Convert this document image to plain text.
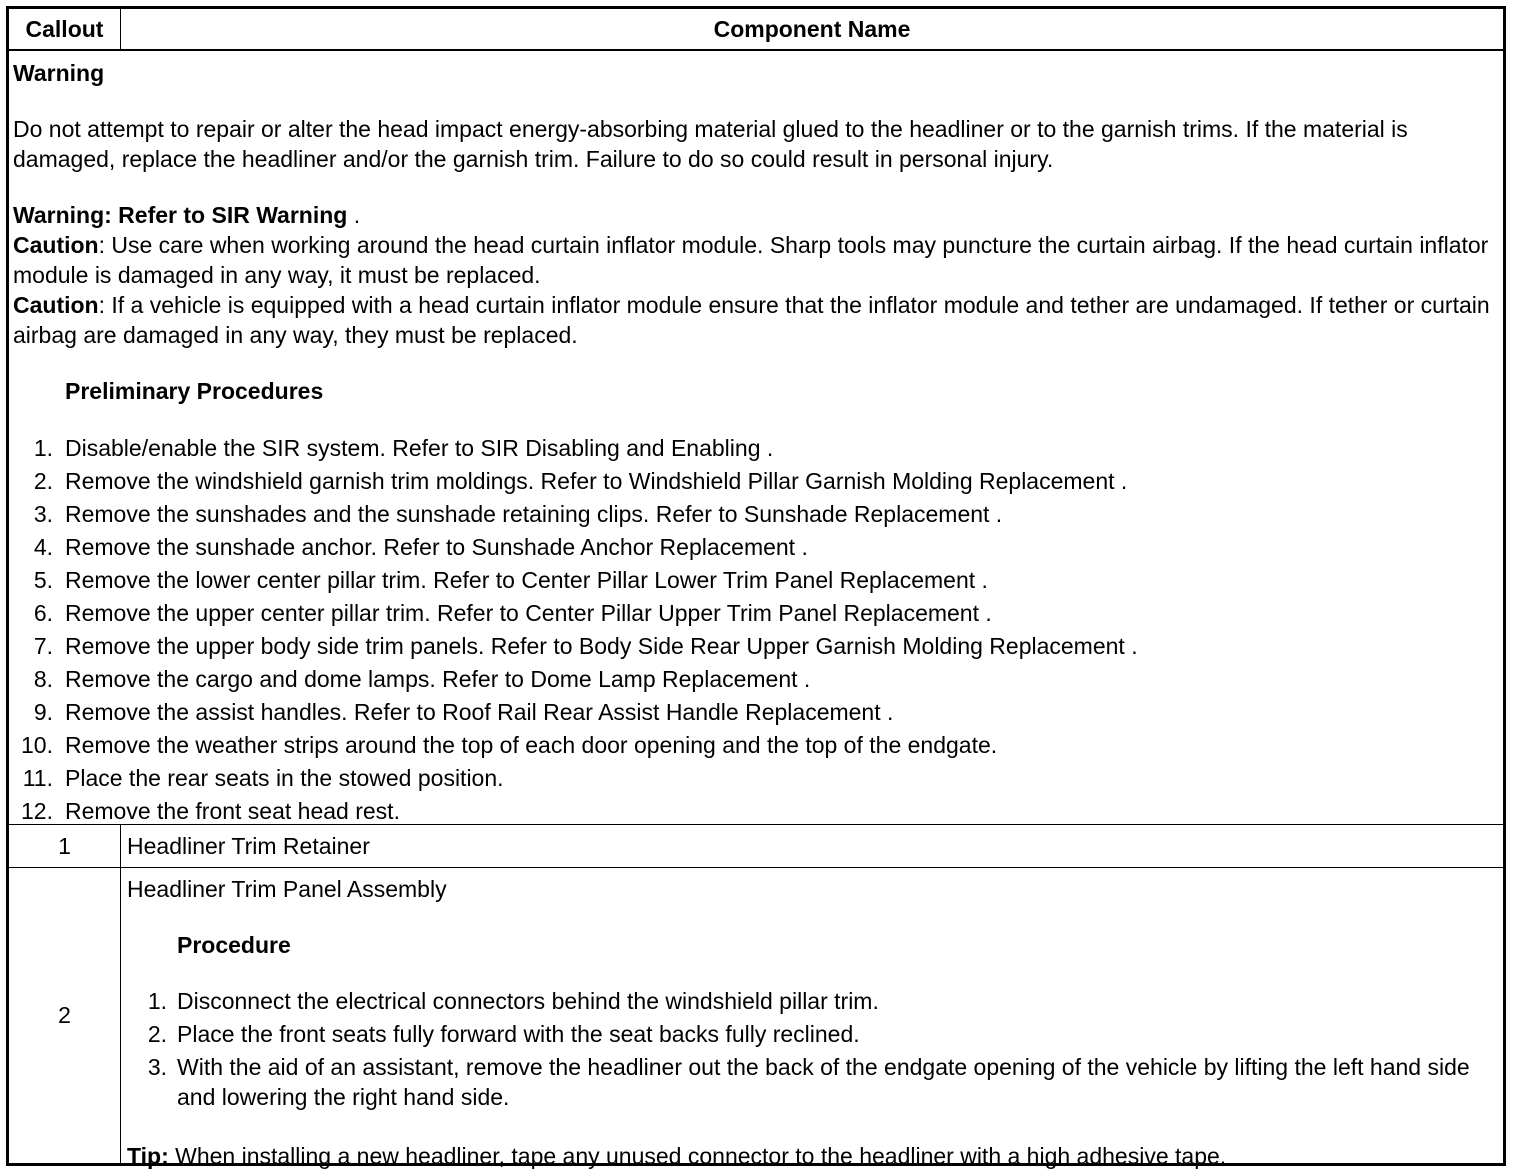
Callout	Component Name

Warning

Do not attempt to repair or alter the head impact energy-absorbing material glued to the headliner or to the garnish trims. If the material is damaged, replace the headliner and/or the garnish trim. Failure to do so could result in personal injury.

Warning: Refer to SIR Warning .

Caution: Use care when working around the head curtain inflator module. Sharp tools may puncture the curtain airbag. If the head curtain inflator module is damaged in any way, it must be replaced.

Caution: If a vehicle is equipped with a head curtain inflator module ensure that the inflator module and tether are undamaged. If tether or curtain airbag are damaged in any way, they must be replaced.

Preliminary Procedures

1. Disable/enable the SIR system. Refer to SIR Disabling and Enabling .
2. Remove the windshield garnish trim moldings. Refer to Windshield Pillar Garnish Molding Replacement .
3. Remove the sunshades and the sunshade retaining clips. Refer to Sunshade Replacement .
4. Remove the sunshade anchor. Refer to Sunshade Anchor Replacement .
5. Remove the lower center pillar trim. Refer to Center Pillar Lower Trim Panel Replacement .
6. Remove the upper center pillar trim. Refer to Center Pillar Upper Trim Panel Replacement .
7. Remove the upper body side trim panels. Refer to Body Side Rear Upper Garnish Molding Replacement .
8. Remove the cargo and dome lamps. Refer to Dome Lamp Replacement .
9. Remove the assist handles. Refer to Roof Rail Rear Assist Handle Replacement .
10. Remove the weather strips around the top of each door opening and the top of the endgate.
11. Place the rear seats in the stowed position.
12. Remove the front seat head rest.
1	Headliner Trim Retainer
2
Headliner Trim Panel Assembly
Procedure
1. Disconnect the electrical connectors behind the windshield pillar trim.
2. Place the front seats fully forward with the seat backs fully reclined.
3. With the aid of an assistant, remove the headliner out the back of the endgate opening of the vehicle by lifting the left hand side and lowering the right hand side.
Tip: When installing a new headliner, tape any unused connector to the headliner with a high adhesive tape.
